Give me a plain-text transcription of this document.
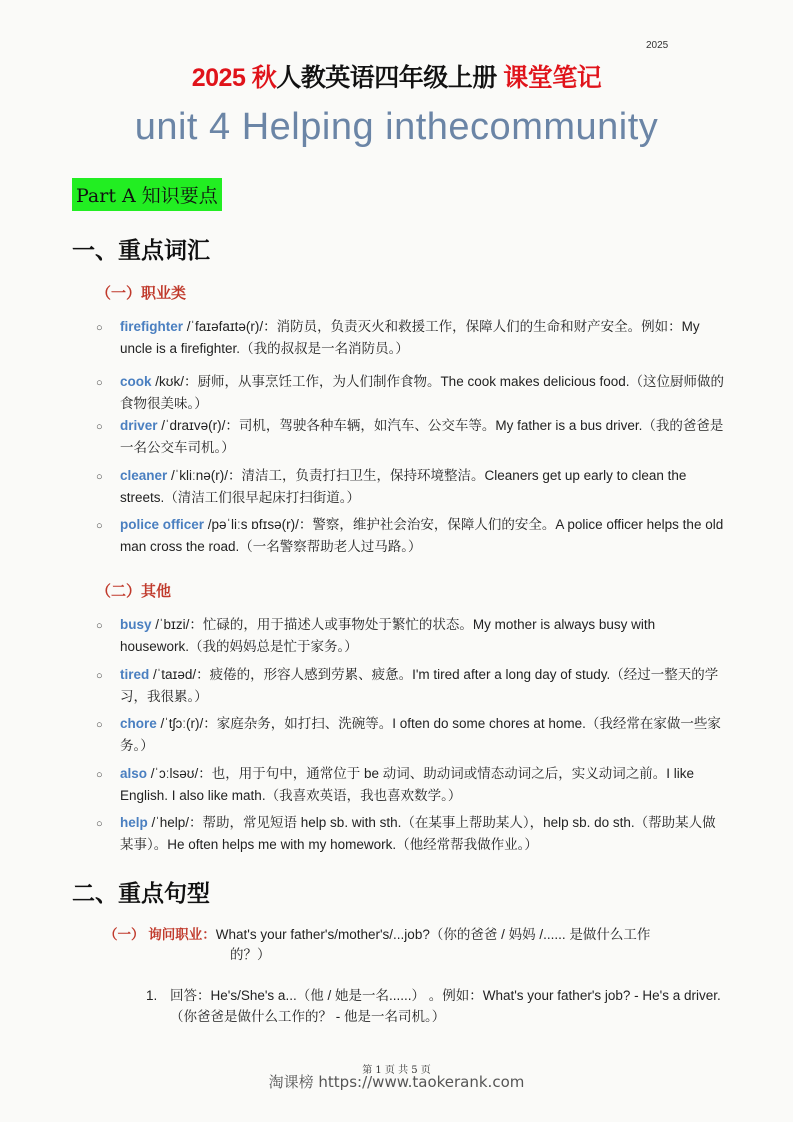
2025
2025 秋人教英语四年级上册 课堂笔记
unit 4 Helping inthecommunity
Part A 知识要点
一、重点词汇
（一）职业类
○ firefighter /ˈfaɪəfaɪtə(r)/：消防员，负责灭火和救援工作，保障人们的生命和财产安全。例如：My uncle is a firefighter.（我的叔叔是一名消防员。）
○ cook /kʊk/：厨师，从事烹饪工作，为人们制作食物。The cook makes delicious food.（这位厨师做的食物很美味。）
○ driver /ˈdraɪvə(r)/：司机，驾驶各种车辆，如汽车、公交车等。My father is a bus driver.（我的爸爸是一名公交车司机。）
○ cleaner /ˈkliːnə(r)/：清洁工，负责打扫卫生，保持环境整洁。Cleaners get up early to clean the streets.（清洁工们很早起床打扫街道。）
○ police officer /pəˈliːs ɒfɪsə(r)/：警察，维护社会治安，保障人们的安全。A police officer helps the old man cross the road.（一名警察帮助老人过马路。）
（二）其他
○ busy /ˈbɪzi/：忙碌的，用于描述人或事物处于繁忙的状态。My mother is always busy with housework.（我的妈妈总是忙于家务。）
○ tired /ˈtaɪəd/：疲倦的，形容人感到劳累、疲惫。I'm tired after a long day of study.（经过一整天的学习，我很累。）
○ chore /ˈtʃɔː(r)/：家庭杂务，如打扫、洗碗等。I often do some chores at home.（我经常在家做一些家务。）
○ also /ˈɔːlsəʊ/：也，用于句中，通常位于 be 动词、助动词或情态动词之后，实义动词之前。I like English. I also like math.（我喜欢英语，我也喜欢数学。）
○ help /ˈhelp/：帮助，常见短语 help sb. with sth.（在某事上帮助某人），help sb. do sth.（帮助某人做某事）。He often helps me with my homework.（他经常帮我做作业。）
二、重点句型
（一） 询问职业：What's your father's/mother's/...job?（你的爸爸 / 妈妈 /...... 是做什么工作
的？）
1. 回答：He's/She's a...（他 / 她是一名......） 。例如：What's your father's job? - He's a driver.（你爸爸是做什么工作的？ - 他是一名司机。）
第 1 页 共 5 页
淘课榜 https://www.taokerank.com
